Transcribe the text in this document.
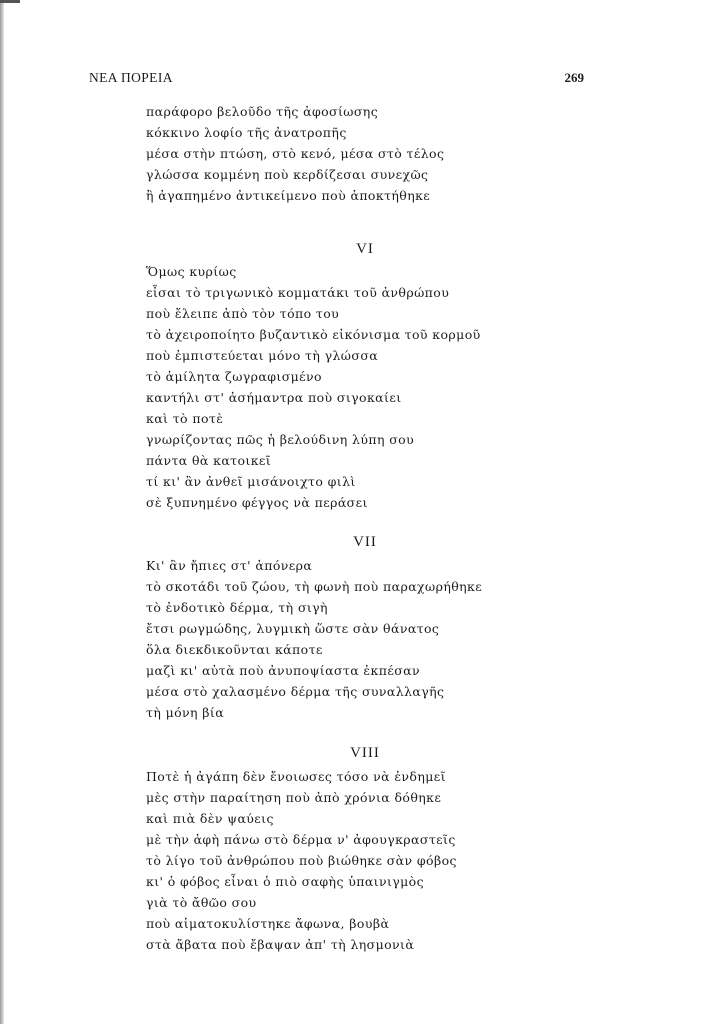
ΝΕΑ ΠΟΡΕΙΑ	269
παράφορο βελοῦδο τῆς ἀφοσίωσης
κόκκινο λοφίο τῆς ἀνατροπῆς
μέσα στὴν πτώση, στὸ κενό, μέσα στὸ τέλος
γλώσσα κομμένη ποὺ κερδίζεσαι συνεχῶς
ἢ ἀγαπημένο ἀντικείμενο ποὺ ἀποκτήθηκε
VI
Ὅμως κυρίως
εἶσαι τὸ τριγωνικὸ κομματάκι τοῦ ἀνθρώπου
ποὺ ἔλειπε ἀπὸ τὸν τόπο του
τὸ ἀχειροποίητο βυζαντικὸ εἰκόνισμα τοῦ κορμοῦ
ποὺ ἐμπιστεύεται μόνο τὴ γλώσσα
τὸ ἀμίλητα ζωγραφισμένο
καντήλι στ' ἀσήμαντρα ποὺ σιγοκαίει
καὶ τὸ ποτὲ
γνωρίζοντας πῶς ἡ βελούδινη λύπη σου
πάντα θὰ κατοικεῖ
τί κι' ἂν ἀνθεῖ μισάνοιχτο φιλὶ
σὲ ξυπνημένο φέγγος νὰ περάσει
VII
Κι' ἂν ἤπιες στ' ἀπόνερα
τὸ σκοτάδι τοῦ ζώου, τὴ φωνὴ ποὺ παραχωρήθηκε
τὸ ἐνδοτικὸ δέρμα, τὴ σιγὴ
ἔτσι ρωγμώδης, λυγμικὴ ὥστε σὰν θάνατος
ὅλα διεκδικοῦνται κάποτε
μαζὶ κι' αὐτὰ ποὺ ἀνυποψίαστα ἐκπέσαν
μέσα στὸ χαλασμένο δέρμα τῆς συναλλαγῆς
τὴ μόνη βία
VIII
Ποτὲ ἡ ἀγάπη δὲν ἔνοιωσες τόσο νὰ ἐνδημεῖ
μὲς στὴν παραίτηση ποὺ ἀπὸ χρόνια δόθηκε
καὶ πιὰ δὲν ψαύεις
μὲ τὴν ἀφὴ πάνω στὸ δέρμα ν' ἀφουγκραστεῖς
τὸ λίγο τοῦ ἀνθρώπου ποὺ βιώθηκε σὰν φόβος
κι' ὁ φόβος εἶναι ὁ πιὸ σαφὴς ὑπαινιγμὸς
γιὰ τὸ ἄθῶο σου
ποὺ αἱματοκυλίστηκε ἄφωνα, βουβὰ
στὰ ἄβατα ποὺ ἔβαψαν ἀπ' τὴ λησμονιὰ
